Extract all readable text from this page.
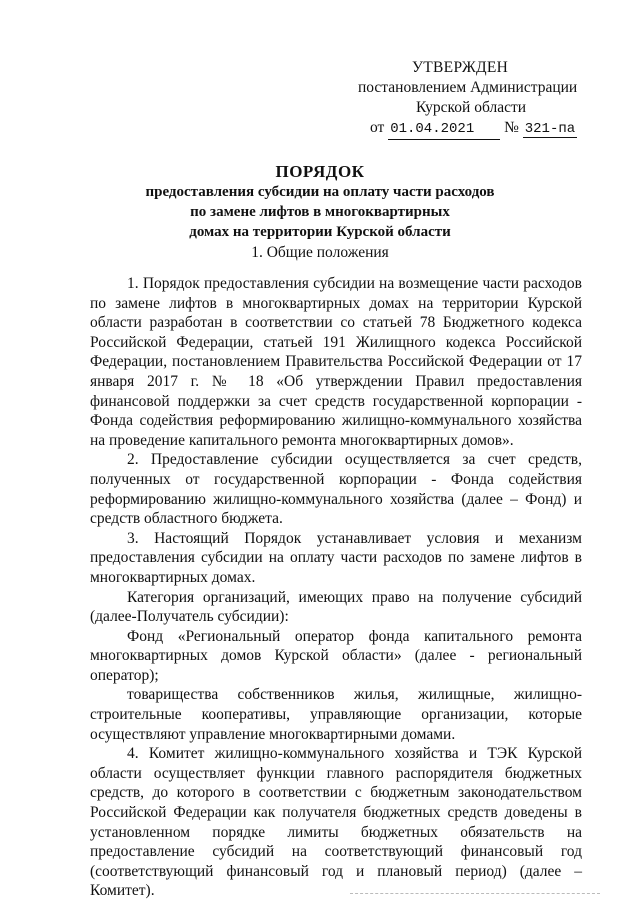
УТВЕРЖДЕН
постановлением Администрации
Курской области
от 01.04.2021 № 321-па
ПОРЯДОК
предоставления субсидии на оплату части расходов
по замене лифтов в многоквартирных
домах на территории Курской области
1. Общие положения

1. Порядок предоставления субсидии на возмещение части расходов по замене лифтов в многоквартирных домах на территории Курской области разработан в соответствии со статьей 78 Бюджетного кодекса Российской Федерации, статьей 191 Жилищного кодекса Российской Федерации, постановлением Правительства Российской Федерации от 17 января 2017 г. № 18 «Об утверждении Правил предоставления финансовой поддержки за счет средств государственной корпорации - Фонда содействия реформированию жилищно-коммунального хозяйства на проведение капитального ремонта многоквартирных домов».

2. Предоставление субсидии осуществляется за счет средств, полученных от государственной корпорации - Фонда содействия реформированию жилищно-коммунального хозяйства (далее – Фонд) и средств областного бюджета.

3. Настоящий Порядок устанавливает условия и механизм предоставления субсидии на оплату части расходов по замене лифтов в многоквартирных домах.

Категория организаций, имеющих право на получение субсидий (далее-Получатель субсидии):

Фонд «Региональный оператор фонда капитального ремонта многоквартирных домов Курской области» (далее - региональный оператор);

товарищества собственников жилья, жилищные, жилищно-строительные кооперативы, управляющие организации, которые осуществляют управление многоквартирными домами.

4. Комитет жилищно-коммунального хозяйства и ТЭК Курской области осуществляет функции главного распорядителя бюджетных средств, до которого в соответствии с бюджетным законодательством Российской Федерации как получателя бюджетных средств доведены в установленном порядке лимиты бюджетных обязательств на предоставление субсидий на соответствующий финансовый год (соответствующий финансовый год и плановый период) (далее – Комитет).
